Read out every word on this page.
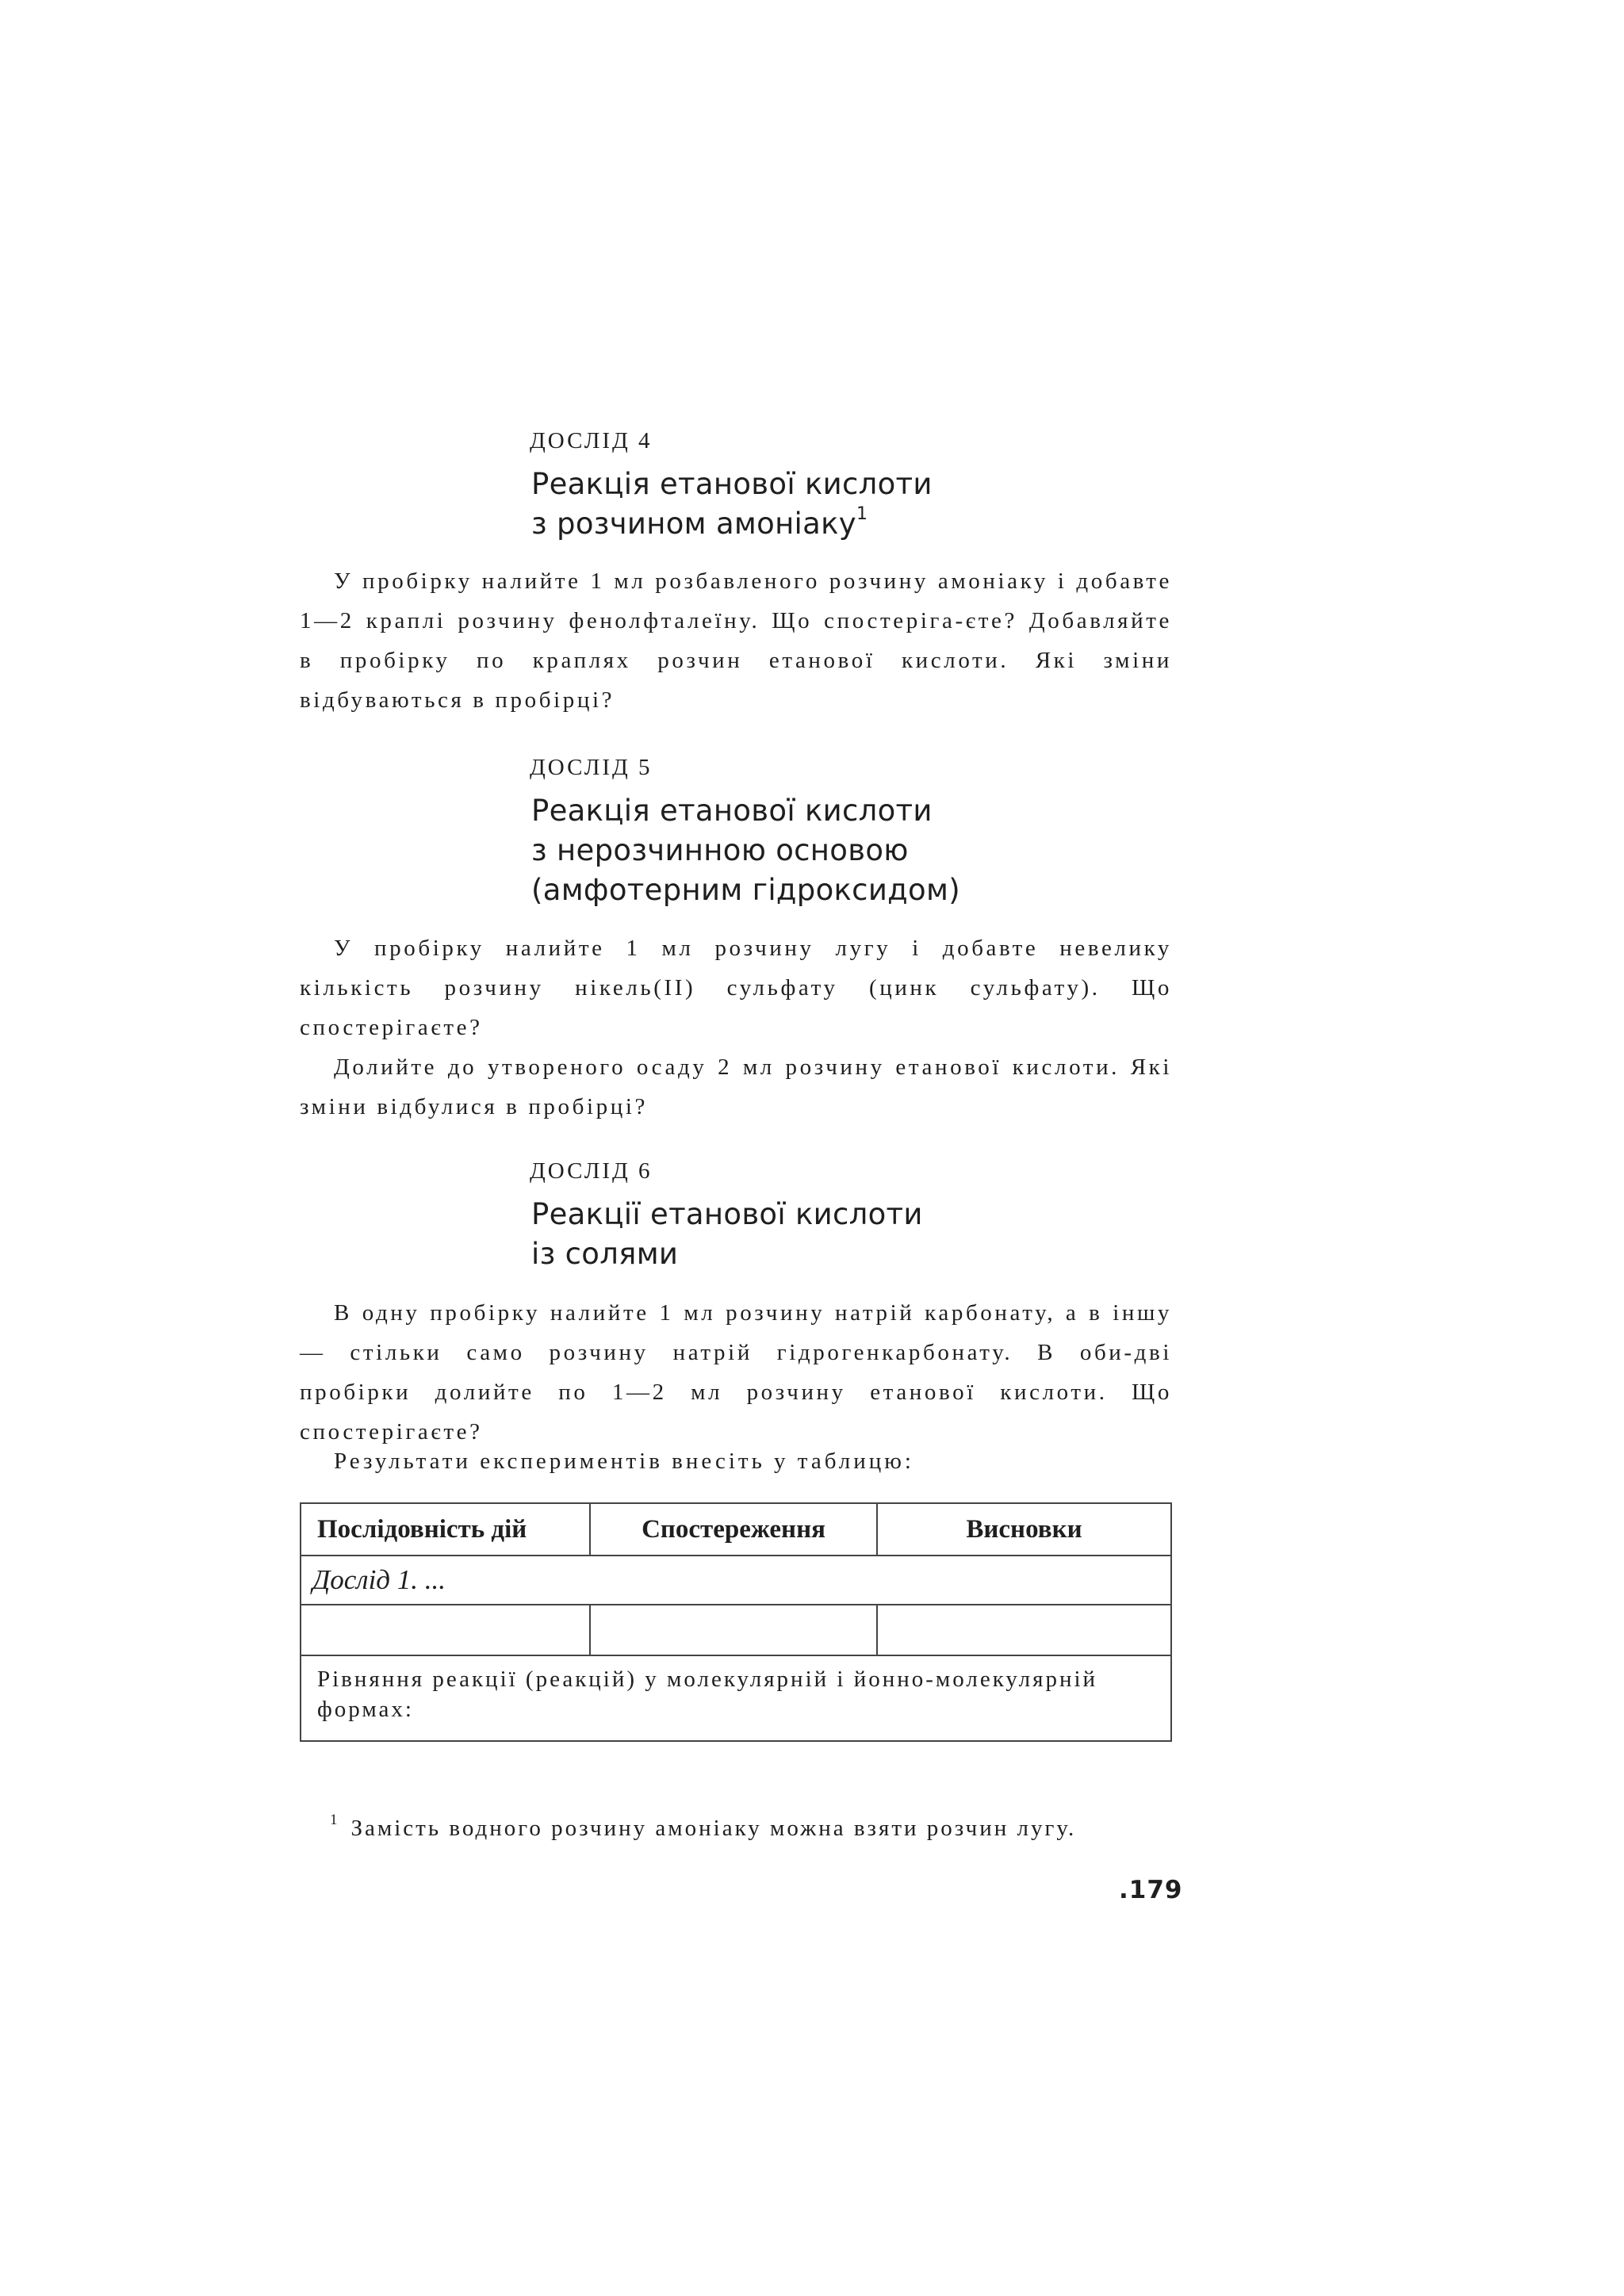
ДОСЛІД 4
Реакція етанової кислоти
з розчином амоніаку$^1$

У пробірку налийте 1 мл розбавленого розчину амоніаку і добавте 1—2 краплі розчину фенолфталеїну. Що спостеріга-єте? Добавляйте в пробірку по краплях розчин етанової кислоти. Які зміни відбуваються в пробірці?

ДОСЛІД 5
Реакція етанової кислоти
з нерозчинною основою
(амфотерним гідроксидом)

У пробірку налийте 1 мл розчину лугу і добавте невелику кількість розчину нікель(ІІ) сульфату (цинк сульфату). Що спостерігаєте?

Долийте до утвореного осаду 2 мл розчину етанової кислоти. Які зміни відбулися в пробірці?

ДОСЛІД 6
Реакції етанової кислоти
із солями

В одну пробірку налийте 1 мл розчину натрій карбонату, а в іншу — стільки само розчину натрій гідрогенкарбонату. В оби-дві пробірки долийте по 1—2 мл розчину етанової кислоти. Що спостерігаєте?

Результати експериментів внесіть у таблицю:
Послідовність дій	Спостереження	Висновки
Дослід 1. ...		

Рівняння реакції (реакцій) у молекулярній і йонно-молекулярній формах:		
$^1$ Замість водного розчину амоніаку можна взяти розчин лугу.
.179
